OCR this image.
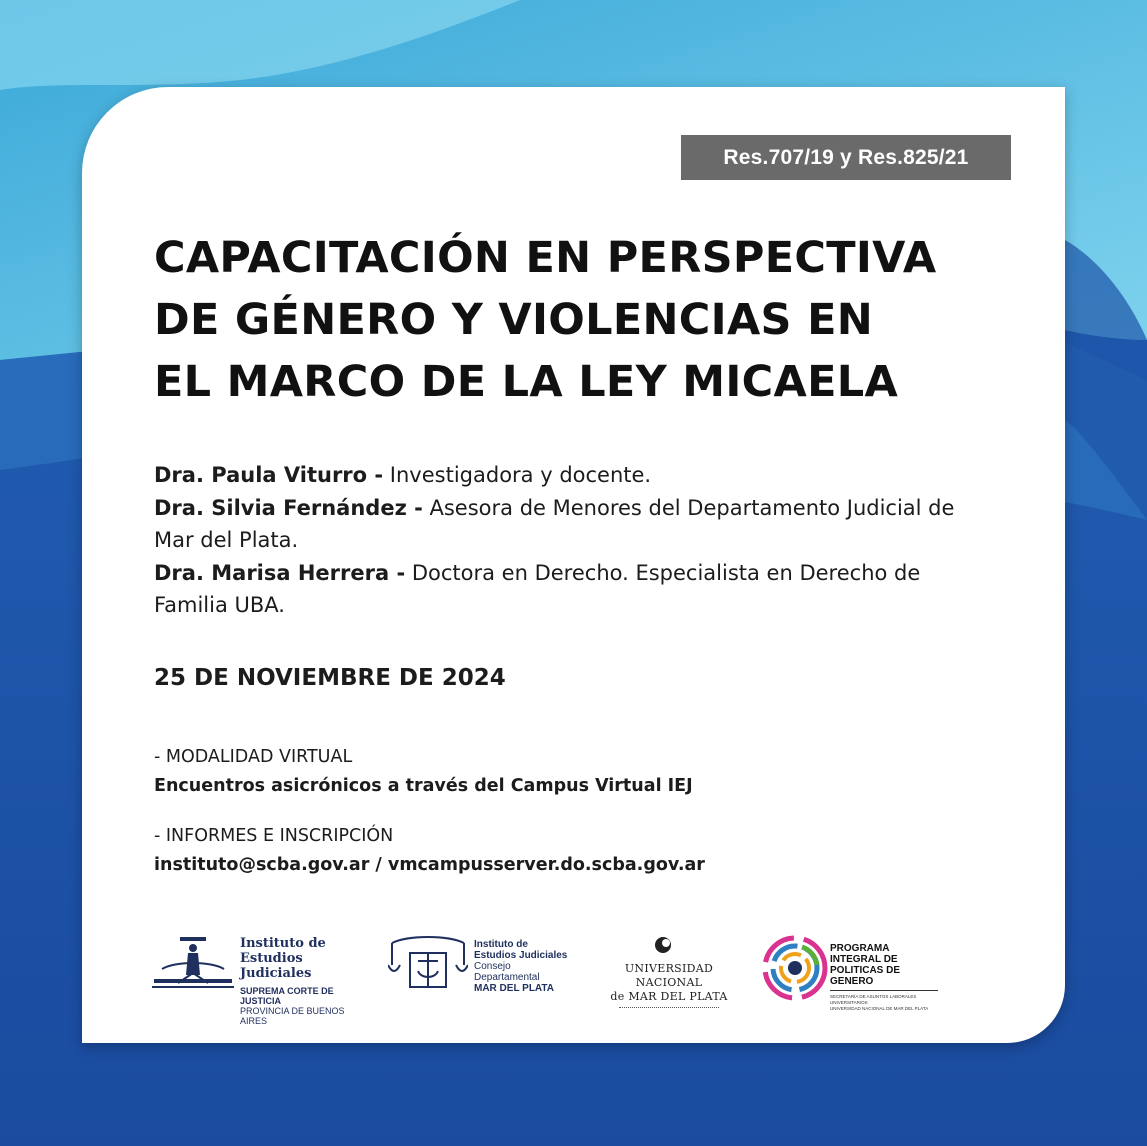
Res.707/19 y Res.825/21
CAPACITACIÓN EN PERSPECTIVA
DE GÉNERO Y VIOLENCIAS EN
EL MARCO DE LA LEY MICAELA

Dra. Paula Viturro - Investigadora y docente.

Dra. Silvia Fernández - Asesora de Menores del Departamento Judicial de Mar del Plata.

Dra. Marisa Herrera - Doctora en Derecho. Especialista en Derecho de Familia UBA.

25 DE NOVIEMBRE DE 2024
- MODALIDAD VIRTUAL
Encuentros asicrónicos a través del Campus Virtual IEJ
- INFORMES E INSCRIPCIÓN
instituto@scba.gov.ar / vmcampusserver.do.scba.gov.ar
Instituto de
Estudios Judiciales
SUPREMA CORTE DE JUSTICIA
PROVINCIA DE BUENOS AIRES
Instituto de
Estudios Judiciales
Consejo Departamental
MAR DEL PLATA
UNIVERSIDAD NACIONAL
de MAR DEL PLATA
PROGRAMA INTEGRAL DE
POLITICAS DE GENERO
SECRETARÍA DE ASUNTOS LABORALES UNIVERSITARIOS
UNIVERSIDAD NACIONAL DE MAR DEL PLATA
